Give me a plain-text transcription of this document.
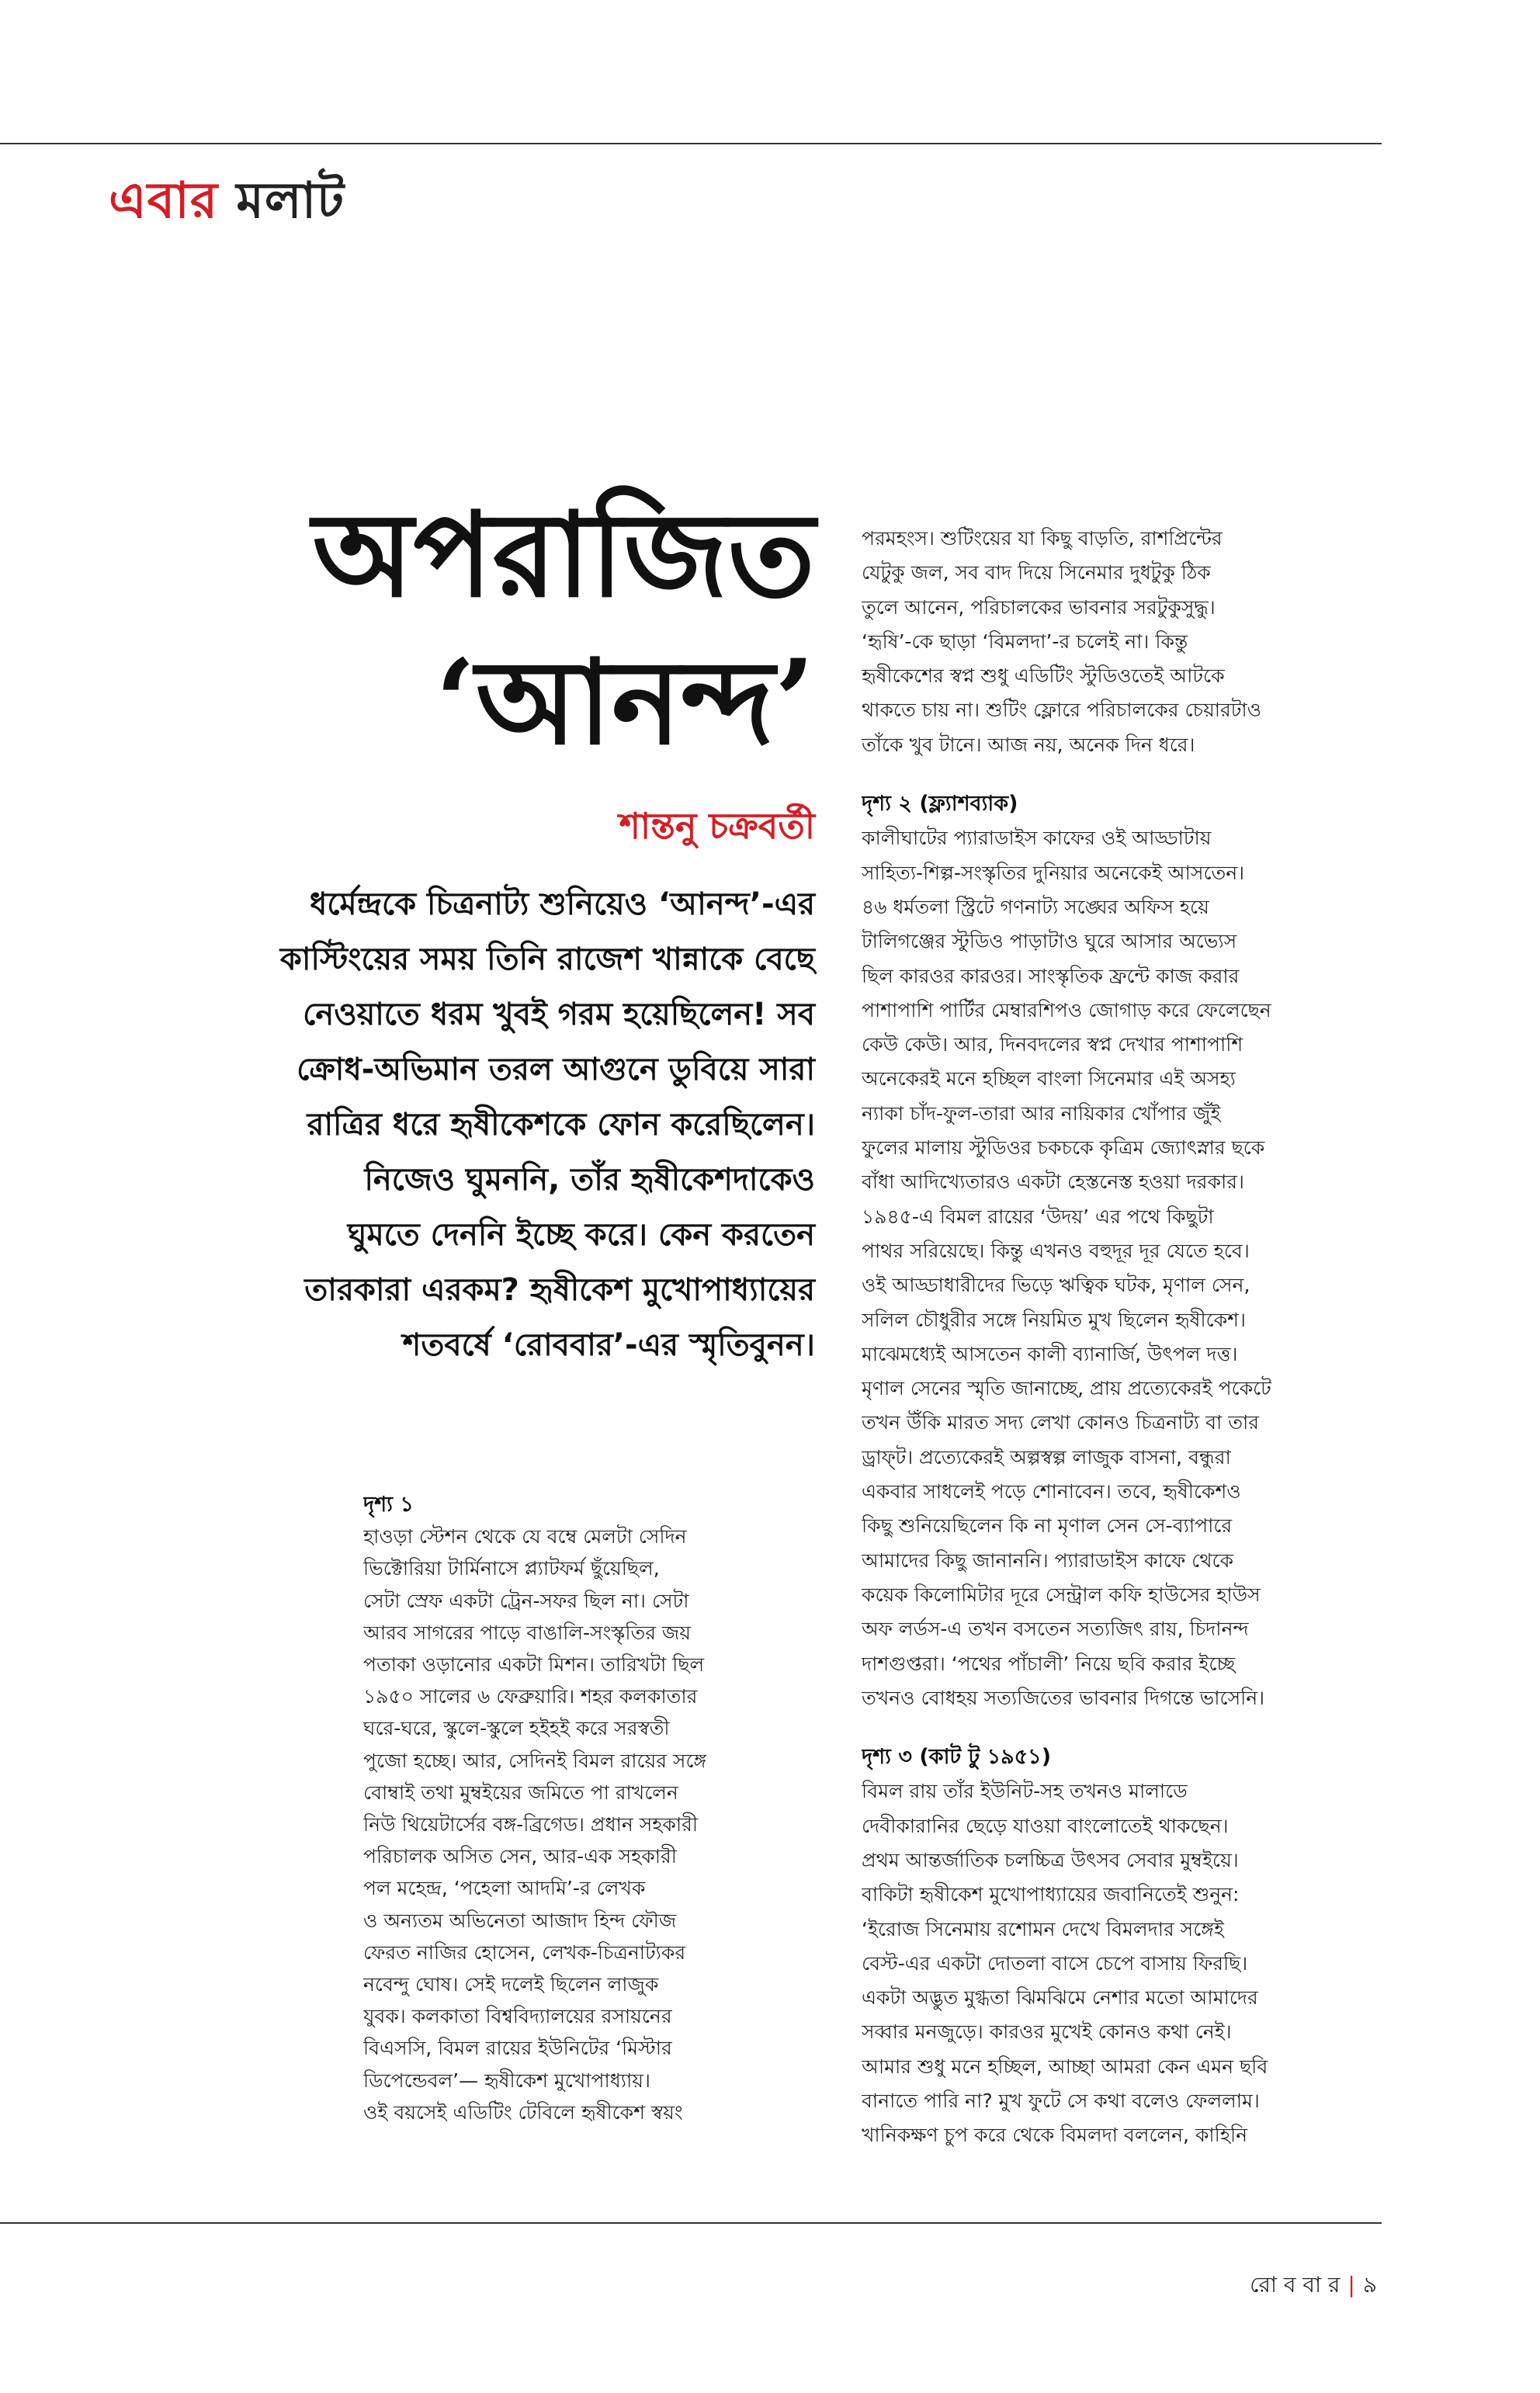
এবার মলাট
অপরাজিত
‘আনন্দ’
শান্তনু চক্রবর্তী
ধর্মেন্দ্রকে চিত্রনাট্য শুনিয়েও ‘আনন্দ’-এর
কাস্টিংয়ের সময় তিনি রাজেশ খান্নাকে বেছে
নেওয়াতে ধরম খুবই গরম হয়েছিলেন! সব
ক্রোধ-অভিমান তরল আগুনে ডুবিয়ে সারা
রাত্রির ধরে হৃষীকেশকে ফোন করেছিলেন।
নিজেও ঘুমননি, তাঁর হৃষীকেশদাকেও
ঘুমতে দেননি ইচ্ছে করে। কেন করতেন
তারকারা এরকম? হৃষীকেশ মুখোপাধ্যায়ের
শতবর্ষে ‘রোববার’-এর স্মৃতিবুনন।
দৃশ্য ১
হাওড়া স্টেশন থেকে যে বম্বে মেলটা সেদিন
ভিক্টোরিয়া টার্মিনাসে প্ল্যাটফর্ম ছুঁয়েছিল,
সেটা স্রেফ একটা ট্রেন-সফর ছিল না। সেটা
আরব সাগরের পাড়ে বাঙালি-সংস্কৃতির জয়
পতাকা ওড়ানোর একটা মিশন। তারিখটা ছিল
১৯৫০ সালের ৬ ফেব্রুয়ারি। শহর কলকাতার
ঘরে-ঘরে, স্কুলে-স্কুলে হইহই করে সরস্বতী
পুজো হচ্ছে। আর, সেদিনই বিমল রায়ের সঙ্গে
বোম্বাই তথা মুম্বইয়ের জমিতে পা রাখলেন
নিউ থিয়েটার্সের বঙ্গ-ব্রিগেড। প্রধান সহকারী
পরিচালক অসিত সেন, আর-এক সহকারী
পল মহেন্দ্র, ‘পহেলা আদমি’-র লেখক
ও অন্যতম অভিনেতা আজাদ হিন্দ ফৌজ
ফেরত নাজির হোসেন, লেখক-চিত্রনাট্যকর
নবেন্দু ঘোষ। সেই দলেই ছিলেন লাজুক
যুবক। কলকাতা বিশ্ববিদ্যালয়ের রসায়নের
বিএসসি, বিমল রায়ের ইউনিটের ‘মিস্টার
ডিপেন্ডেবল’— হৃষীকেশ মুখোপাধ্যায়।
ওই বয়সেই এডিটিং টেবিলে হৃষীকেশ স্বয়ং
পরমহংস। শুটিংয়ের যা কিছু বাড়তি, রাশপ্রিন্টের
যেটুকু জল, সব বাদ দিয়ে সিনেমার দুধটুকু ঠিক
তুলে আনেন, পরিচালকের ভাবনার সরটুকুসুদ্ধু।
‘হৃষি’-কে ছাড়া ‘বিমলদা’-র চলেই না। কিন্তু
হৃষীকেশের স্বপ্ন শুধু এডিটিং স্টুডিওতেই আটকে
থাকতে চায় না। শুটিং ফ্লোরে পরিচালকের চেয়ারটাও
তাঁকে খুব টানে। আজ নয়, অনেক দিন ধরে।
দৃশ্য ২ (ফ্ল্যাশব্যাক)
কালীঘাটের প্যারাডাইস কাফের ওই আড্ডাটায়
সাহিত্য-শিল্প-সংস্কৃতির দুনিয়ার অনেকেই আসতেন।
৪৬ ধর্মতলা স্ট্রিটে গণনাট্য সঙ্ঘের অফিস হয়ে
টালিগঞ্জের স্টুডিও পাড়াটাও ঘুরে আসার অভ্যেস
ছিল কারওর কারওর। সাংস্কৃতিক ফ্রন্টে কাজ করার
পাশাপাশি পার্টির মেম্বারশিপও জোগাড় করে ফেলেছেন
কেউ কেউ। আর, দিনবদলের স্বপ্ন দেখার পাশাপাশি
অনেকেরই মনে হচ্ছিল বাংলা সিনেমার এই অসহ্য
ন্যাকা চাঁদ-ফুল-তারা আর নায়িকার খোঁপার জুঁই
ফুলের মালায় স্টুডিওর চকচকে কৃত্রিম জ্যোৎস্নার ছকে
বাঁধা আদিখ্যেতারও একটা হেস্তনেস্ত হওয়া দরকার।
১৯৪৫-এ বিমল রায়ের ‘উদয়’ এর পথে কিছুটা
পাথর সরিয়েছে। কিন্তু এখনও বহুদূর দূর যেতে হবে।
ওই আড্ডাধারীদের ভিড়ে ঋত্বিক ঘটক, মৃণাল সেন,
সলিল চৌধুরীর সঙ্গে নিয়মিত মুখ ছিলেন হৃষীকেশ।
মাঝেমধ্যেই আসতেন কালী ব্যানার্জি, উৎপল দত্ত।
মৃণাল সেনের স্মৃতি জানাচ্ছে, প্রায় প্রত্যেকেরই পকেটে
তখন উঁকি মারত সদ্য লেখা কোনও চিত্রনাট্য বা তার
ড্রাফ্‌ট। প্রত্যেকেরই অল্পস্বল্প লাজুক বাসনা, বন্ধুরা
একবার সাধলেই পড়ে শোনাবেন। তবে, হৃষীকেশও
কিছু শুনিয়েছিলেন কি না মৃণাল সেন সে-ব্যাপারে
আমাদের কিছু জানাননি। প্যারাডাইস কাফে থেকে
কয়েক কিলোমিটার দূরে সেন্ট্রাল কফি হাউসের হাউস
অফ লর্ডস-এ তখন বসতেন সত্যজিৎ রায়, চিদানন্দ
দাশগুপ্তরা। ‘পথের পাঁচালী’ নিয়ে ছবি করার ইচ্ছে
তখনও বোধহয় সত্যজিতের ভাবনার দিগন্তে ভাসেনি।
দৃশ্য ৩ (কাট টু ১৯৫১)
বিমল রায় তাঁর ইউনিট-সহ তখনও মালাডে
দেবীকারানির ছেড়ে যাওয়া বাংলোতেই থাকছেন।
প্রথম আন্তর্জাতিক চলচ্চিত্র উৎসব সেবার মুম্বইয়ে।
বাকিটা হৃষীকেশ মুখোপাধ্যায়ের জবানিতেই শুনুন:
‘ইরোজ সিনেমায় রশোমন দেখে বিমলদার সঙ্গেই
বেস্ট-এর একটা দোতলা বাসে চেপে বাসায় ফিরছি।
একটা অদ্ভুত মুগ্ধতা ঝিমঝিমে নেশার মতো আমাদের
সব্বার মনজুড়ে। কারওর মুখেই কোনও কথা নেই।
আমার শুধু মনে হচ্ছিল, আচ্ছা আমরা কেন এমন ছবি
বানাতে পারি না? মুখ ফুটে সে কথা বলেও ফেললাম।
খানিকক্ষণ চুপ করে থেকে বিমলদা বললেন, কাহিনি
রো ব বা র | ৯
